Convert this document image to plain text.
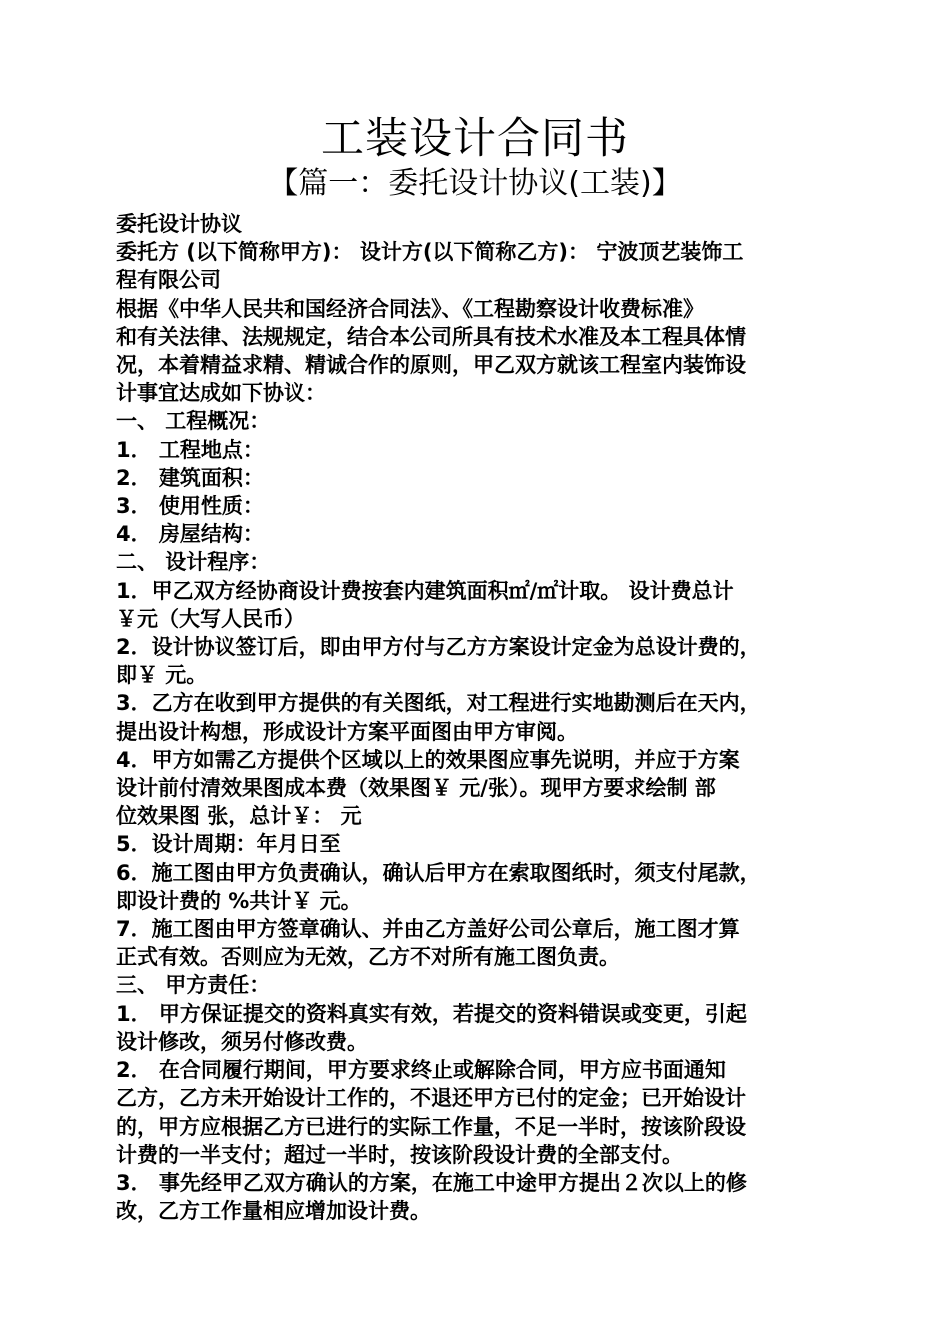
工装设计合同书
【篇一：委托设计协议(工装)】
委托设计协议
委托方 (以下简称甲方)： 设计方(以下简称乙方)： 宁波顶艺装饰工
程有限公司
根据《中华人民共和国经济合同法》、《工程勘察设计收费标准》
和有关法律、法规规定，结合本公司所具有技术水准及本工程具体情
况，本着精益求精、精诚合作的原则，甲乙双方就该工程室内装饰设
计事宜达成如下协议：
一、 工程概况：
1． 工程地点：
2． 建筑面积：
3． 使用性质：
4． 房屋结构：
二、 设计程序：
1．甲乙双方经协商设计费按套内建筑面积㎡/㎡计取。 设计费总计
￥元（大写人民币）
2．设计协议签订后，即由甲方付与乙方方案设计定金为总设计费的，
即￥ 元。
3．乙方在收到甲方提供的有关图纸，对工程进行实地勘测后在天内，
提出设计构想，形成设计方案平面图由甲方审阅。
4．甲方如需乙方提供个区域以上的效果图应事先说明，并应于方案
设计前付清效果图成本费（效果图￥ 元/张）。现甲方要求绘制 部
位效果图 张，总计￥： 元
5．设计周期：年月日至
6．施工图由甲方负责确认，确认后甲方在索取图纸时，须支付尾款，
即设计费的 %共计￥ 元。
7．施工图由甲方签章确认、并由乙方盖好公司公章后，施工图才算
正式有效。否则应为无效，乙方不对所有施工图负责。
三、 甲方责任：
1． 甲方保证提交的资料真实有效，若提交的资料错误或变更，引起
设计修改，须另付修改费。
2． 在合同履行期间，甲方要求终止或解除合同，甲方应书面通知
乙方，乙方未开始设计工作的，不退还甲方已付的定金；已开始设计
的，甲方应根据乙方已进行的实际工作量，不足一半时，按该阶段设
计费的一半支付；超过一半时，按该阶段设计费的全部支付。
3． 事先经甲乙双方确认的方案，在施工中途甲方提出２次以上的修
改，乙方工作量相应增加设计费。
